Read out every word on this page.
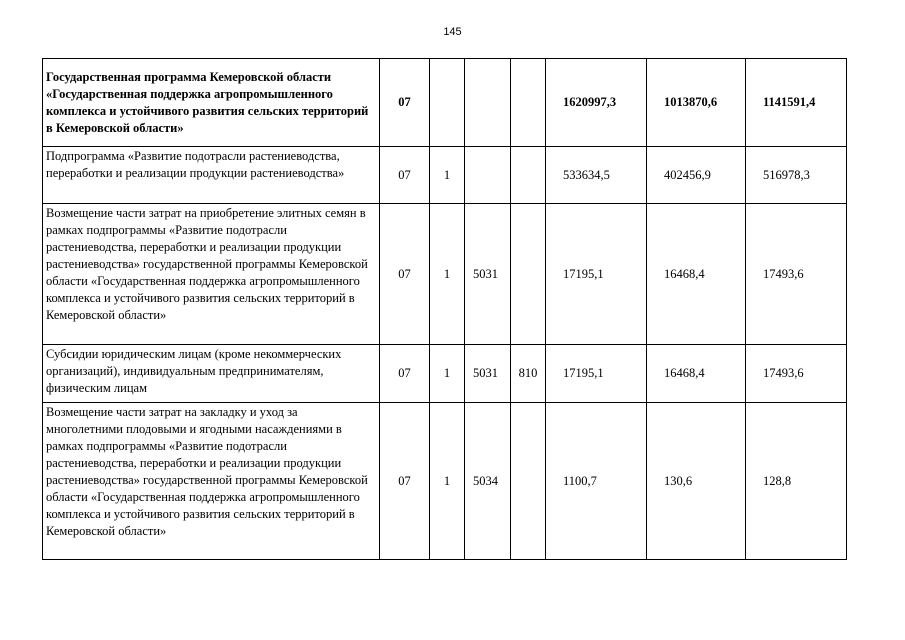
145
Государственная программа Кемеровской области «Государственная поддержка агропромышленного комплекса и устойчивого развития сельских территорий в Кемеровской области»	07				1620997,3	1013870,6	1141591,4
Подпрограмма «Развитие подотрасли растениеводства, переработки и реализации продукции растениеводства»	07	1			533634,5	402456,9	516978,3
Возмещение части затрат на приобретение элитных семян в рамках подпрограммы «Развитие подотрасли растениеводства, переработки и реализации продукции растениеводства» государственной программы Кемеровской области «Государственная поддержка агропромышленного комплекса и устойчивого развития сельских территорий в Кемеровской области»	07	1	5031		17195,1	16468,4	17493,6
Субсидии юридическим лицам (кроме некоммерческих организаций), индивидуальным предпринимателям, физическим лицам	07	1	5031	810	17195,1	16468,4	17493,6
Возмещение части затрат на закладку и уход за многолетними плодовыми и ягодными насаждениями в рамках подпрограммы «Развитие подотрасли растениеводства, переработки и реализации продукции растениеводства» государственной программы Кемеровской области «Государственная поддержка агропромышленного комплекса и устойчивого развития сельских территорий в Кемеровской области»	07	1	5034		1100,7	130,6	128,8
